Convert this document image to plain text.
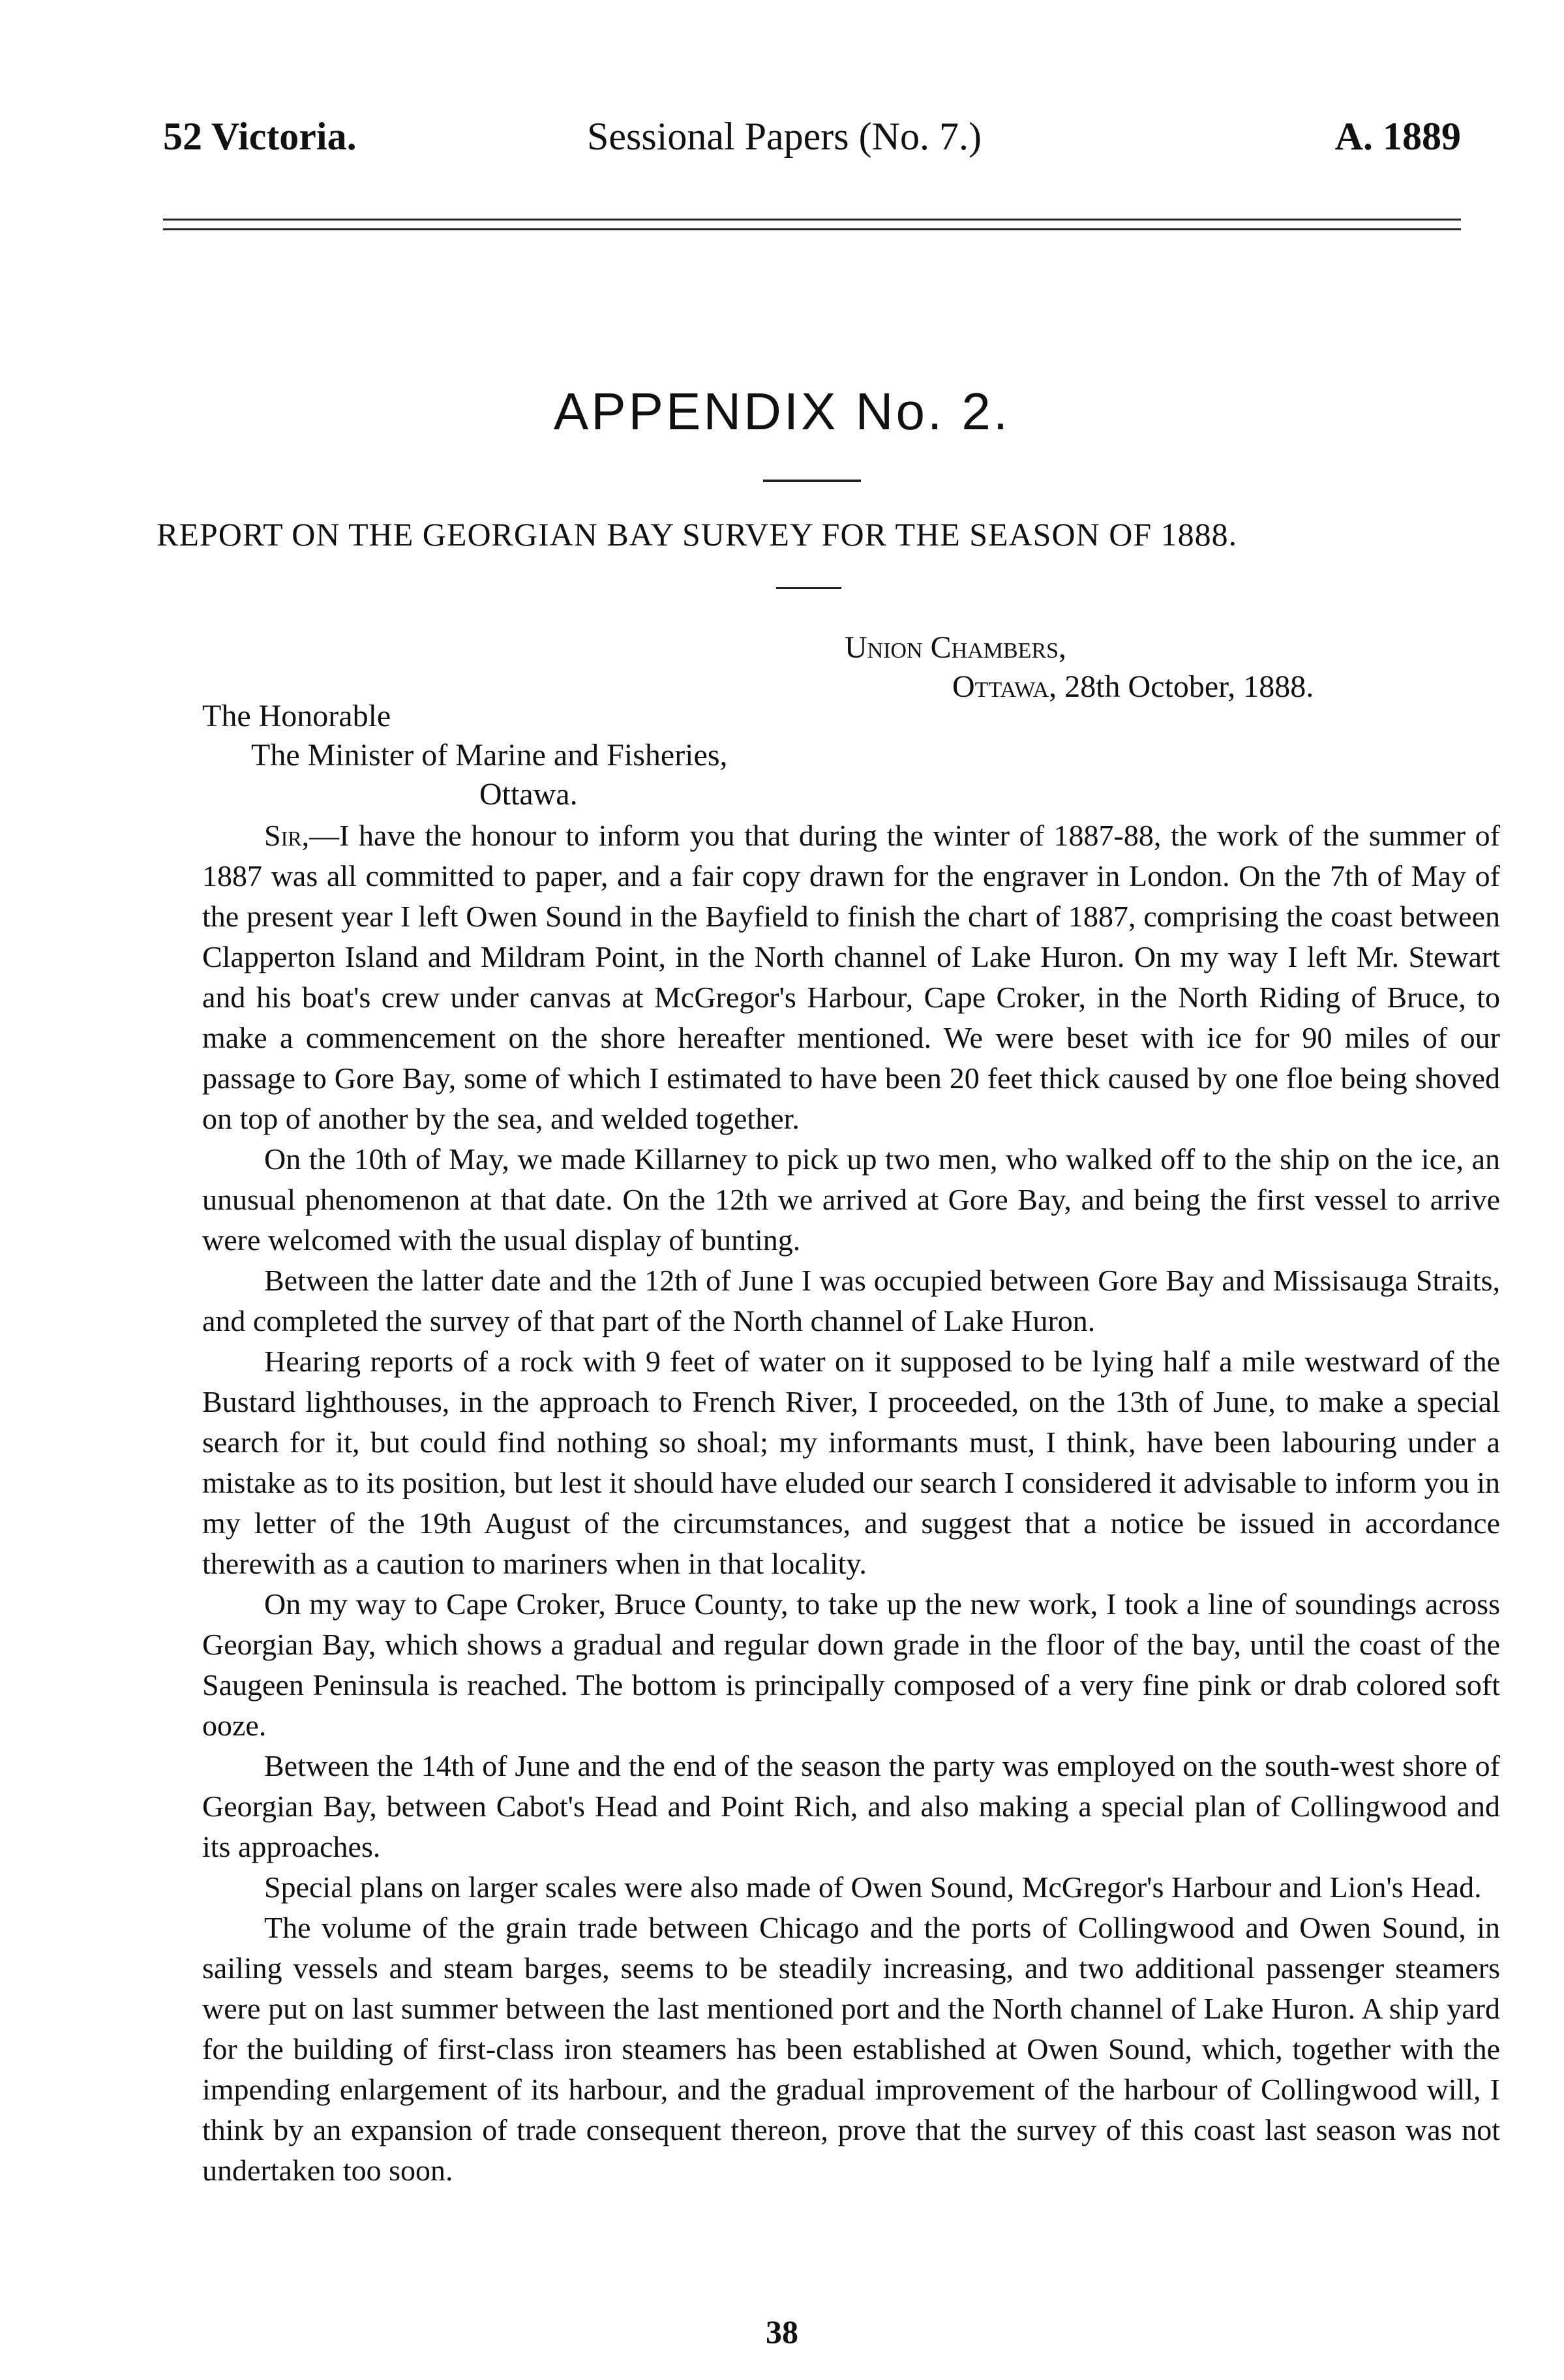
52 Victoria.	Sessional Papers (No. 7.)	A. 1889
APPENDIX No. 2.
REPORT ON THE GEORGIAN BAY SURVEY FOR THE SEASON OF 1888.
Union Chambers,
Ottawa, 28th October, 1888.
The Honorable
The Minister of Marine and Fisheries,
Ottawa.

Sir,—I have the honour to inform you that during the winter of 1887-88, the work of the summer of 1887 was all committed to paper, and a fair copy drawn for the engraver in London. On the 7th of May of the present year I left Owen Sound in the Bayfield to finish the chart of 1887, comprising the coast between Clapperton Island and Mildram Point, in the North channel of Lake Huron. On my way I left Mr. Stewart and his boat's crew under canvas at McGregor's Harbour, Cape Croker, in the North Riding of Bruce, to make a commencement on the shore hereafter mentioned. We were beset with ice for 90 miles of our passage to Gore Bay, some of which I estimated to have been 20 feet thick caused by one floe being shoved on top of another by the sea, and welded together.

On the 10th of May, we made Killarney to pick up two men, who walked off to the ship on the ice, an unusual phenomenon at that date. On the 12th we arrived at Gore Bay, and being the first vessel to arrive were welcomed with the usual display of bunting.

Between the latter date and the 12th of June I was occupied between Gore Bay and Missisauga Straits, and completed the survey of that part of the North channel of Lake Huron.

Hearing reports of a rock with 9 feet of water on it supposed to be lying half a mile westward of the Bustard lighthouses, in the approach to French River, I proceeded, on the 13th of June, to make a special search for it, but could find nothing so shoal; my informants must, I think, have been labouring under a mistake as to its position, but lest it should have eluded our search I considered it advisable to inform you in my letter of the 19th August of the circumstances, and suggest that a notice be issued in accordance therewith as a caution to mariners when in that locality.

On my way to Cape Croker, Bruce County, to take up the new work, I took a line of soundings across Georgian Bay, which shows a gradual and regular down grade in the floor of the bay, until the coast of the Saugeen Peninsula is reached. The bottom is principally composed of a very fine pink or drab colored soft ooze.

Between the 14th of June and the end of the season the party was employed on the south-west shore of Georgian Bay, between Cabot's Head and Point Rich, and also making a special plan of Collingwood and its approaches.

Special plans on larger scales were also made of Owen Sound, McGregor's Harbour and Lion's Head.

The volume of the grain trade between Chicago and the ports of Collingwood and Owen Sound, in sailing vessels and steam barges, seems to be steadily increasing, and two additional passenger steamers were put on last summer between the last mentioned port and the North channel of Lake Huron. A ship yard for the building of first-class iron steamers has been established at Owen Sound, which, together with the impending enlargement of its harbour, and the gradual improvement of the harbour of Collingwood will, I think by an expansion of trade consequent thereon, prove that the survey of this coast last season was not undertaken too soon.

38
